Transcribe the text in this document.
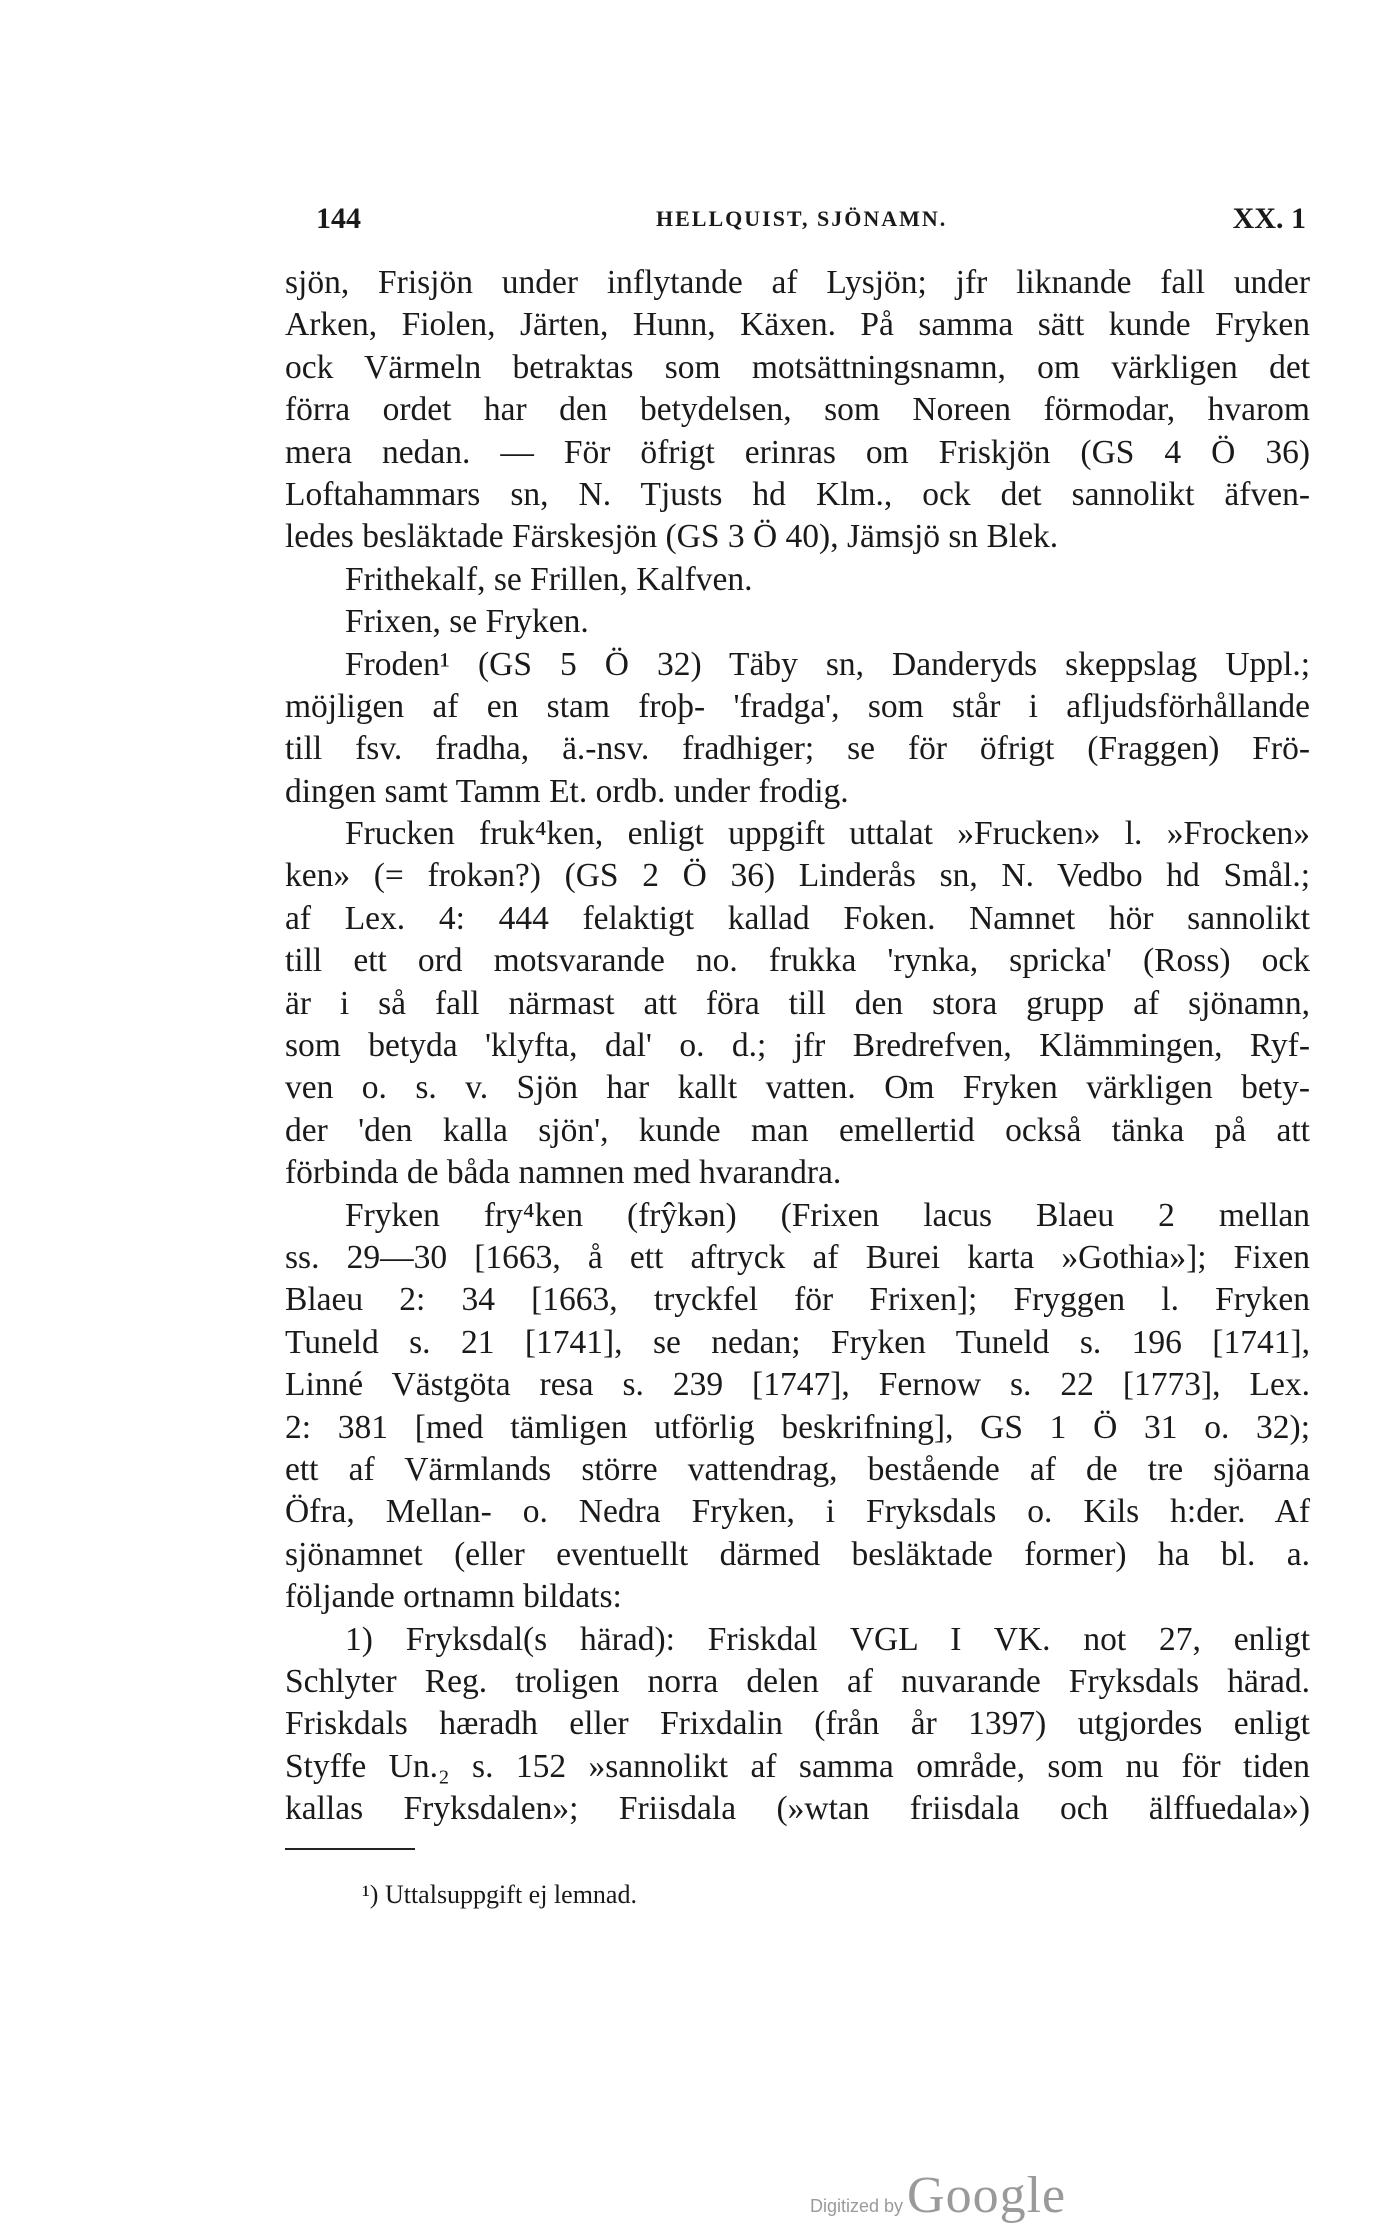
144	HELLQUIST, SJÖNAMN.	XX. 1
sjön, Frisjön under inflytande af Lysjön; jfr liknande fall under
Arken, Fiolen, Järten, Hunn, Käxen. På samma sätt kunde Fryken
ock Värmeln betraktas som motsättningsnamn, om värkligen det
förra ordet har den betydelsen, som Noreen förmodar, hvarom
mera nedan. — För öfrigt erinras om Friskjön (GS 4 Ö 36)
Loftahammars sn, N. Tjusts hd Klm., ock det sannolikt äfven-
ledes besläktade Färskesjön (GS 3 Ö 40), Jämsjö sn Blek.
Frithekalf, se Frillen, Kalfven.
Frixen, se Fryken.
Froden¹ (GS 5 Ö 32) Täby sn, Danderyds skeppslag Uppl.;
möjligen af en stam froþ- 'fradga', som står i afljudsförhållande
till fsv. fradha, ä.-nsv. fradhiger; se för öfrigt (Fraggen) Frö-
dingen samt Tamm Et. ordb. under frodig.
Frucken fruk⁴ken, enligt uppgift uttalat »Frucken» l. »Frocken»
ken» (= frokən?) (GS 2 Ö 36) Linderås sn, N. Vedbo hd Smål.;
af Lex. 4: 444 felaktigt kallad Foken. Namnet hör sannolikt
till ett ord motsvarande no. frukka 'rynka, spricka' (Ross) ock
är i så fall närmast att föra till den stora grupp af sjönamn,
som betyda 'klyfta, dal' o. d.; jfr Bredrefven, Klämmingen, Ryf-
ven o. s. v. Sjön har kallt vatten. Om Fryken värkligen bety-
der 'den kalla sjön', kunde man emellertid också tänka på att
förbinda de båda namnen med hvarandra.
Fryken fry⁴ken (frŷkən) (Frixen lacus Blaeu 2 mellan
ss. 29—30 [1663, å ett aftryck af Burei karta »Gothia»]; Fixen
Blaeu 2: 34 [1663, tryckfel för Frixen]; Fryggen l. Fryken
Tuneld s. 21 [1741], se nedan; Fryken Tuneld s. 196 [1741],
Linné Västgöta resa s. 239 [1747], Fernow s. 22 [1773], Lex.
2: 381 [med tämligen utförlig beskrifning], GS 1 Ö 31 o. 32);
ett af Värmlands större vattendrag, bestående af de tre sjöarna
Öfra, Mellan- o. Nedra Fryken, i Fryksdals o. Kils h:der. Af
sjönamnet (eller eventuellt därmed besläktade former) ha bl. a.
följande ortnamn bildats:
1) Fryksdal(s härad): Friskdal VGL I VK. not 27, enligt
Schlyter Reg. troligen norra delen af nuvarande Fryksdals härad.
Friskdals hæradh eller Frixdalin (från år 1397) utgjordes enligt
Styffe Un.₂ s. 152 »sannolikt af samma område, som nu för tiden
kallas Fryksdalen»; Friisdala (»wtan friisdala och älffuedala»)
¹) Uttalsuppgift ej lemnad.
Digitized by Google
